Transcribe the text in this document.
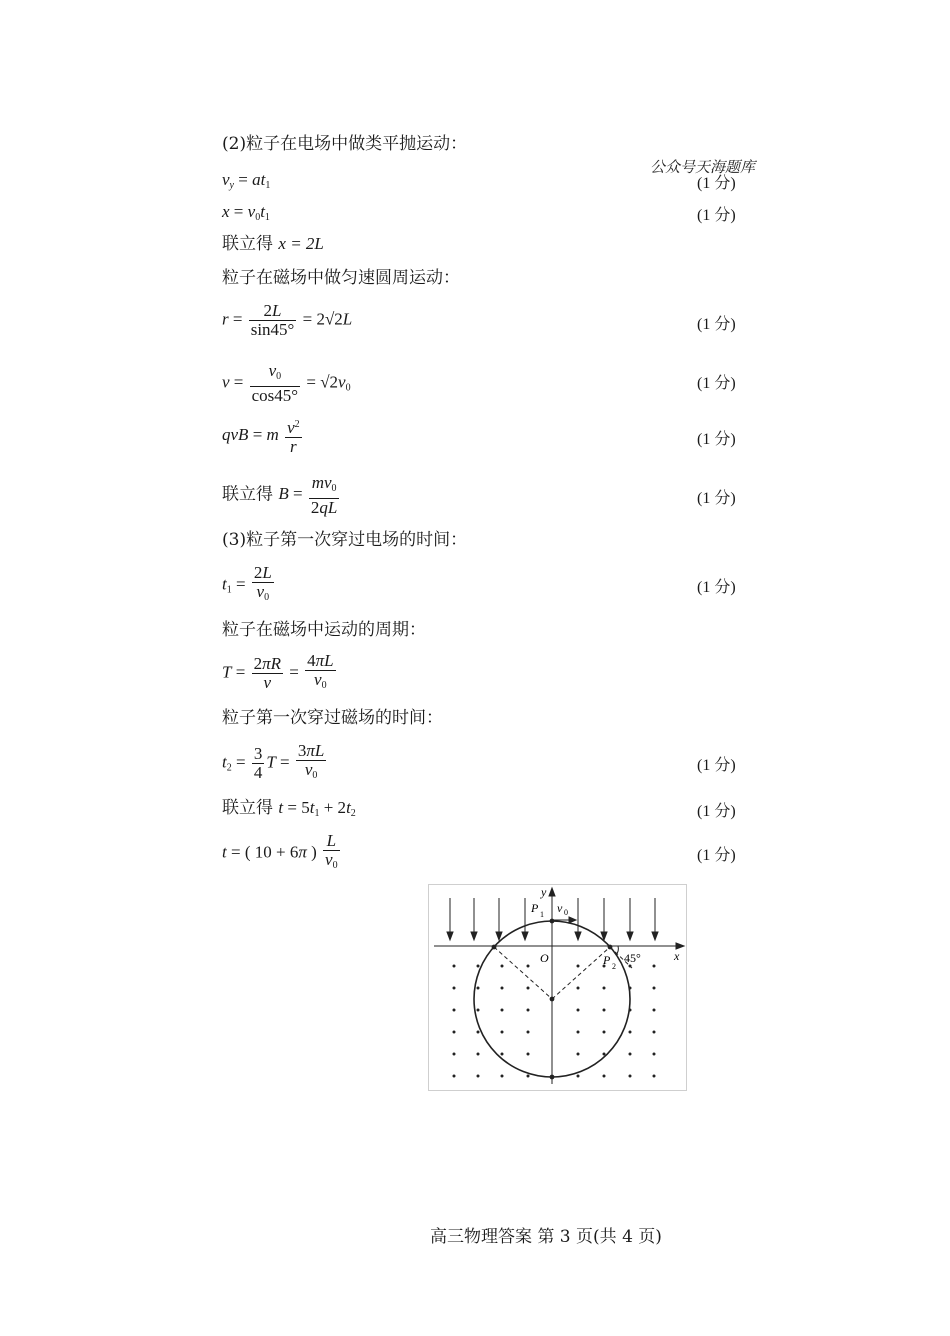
公众号天海题库
(2)粒子在电场中做类平抛运动：
$v_y = at_1$	(1 分)
$x = v_0t_1$	(1 分)
联立得 x = 2L
粒子在磁场中做匀速圆周运动：
$r = \frac{2L}{\sin 45^\circ} = 2√2L$	(1 分)
$v = \frac{v_0}{\cos 45^\circ} = √2v_0$	(1 分)
qvB = m $\frac{v^2}{r}$	(1 分)
联立得 $B = \frac{mv_0}{2qL}$	(1 分)
(3)粒子第一次穿过电场的时间：
$t_1 = \frac{2L}{v_0}$	(1 分)
粒子在磁场中运动的周期：
$T = \frac{2\pi R}{v} = \frac{4\pi L}{v_0}$
粒子第一次穿过磁场的时间：
$t_2 = \frac{3}{4}$ $T = \frac{3\pi L}{v_0}$	(1 分)
联立得 $t = 5t_1 + 2t_2$	(1 分)
t = ( 10 + 6π ) $\frac{L}{v_0}$	(1 分)
y
x
O
P 1 v 0
P 2
45°
高三物理答案 第 3 页(共 4 页)
